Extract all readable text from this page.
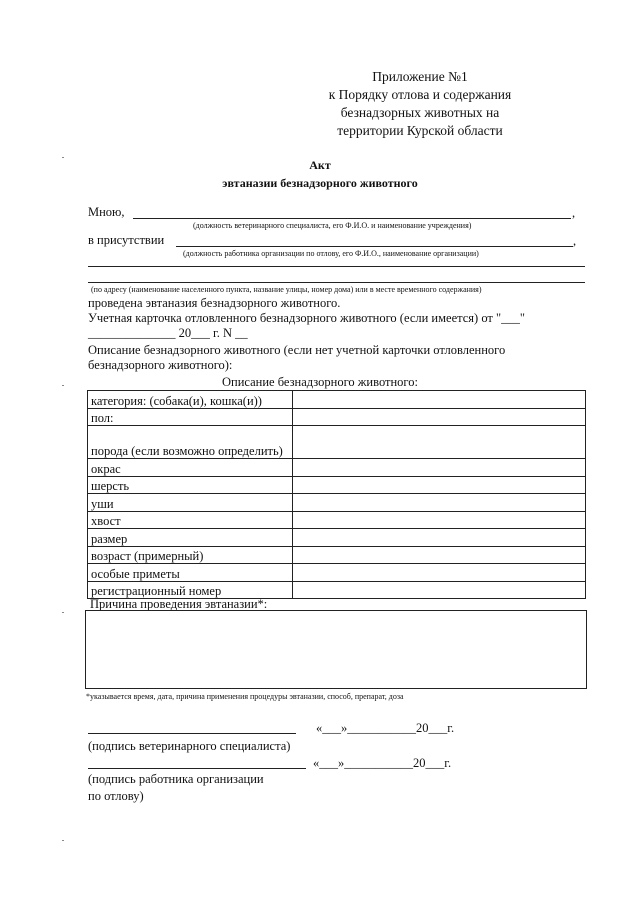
Приложение №1
к Порядку отлова и содержания
безнадзорных животных на
территории Курской области
Акт
эвтаназии безнадзорного животного
Мною,	,
(должность ветеринарного специалиста, его Ф.И.О. и наименование учреждения)
в присутствии	,
(должность работника организации по отлову, его Ф.И.О., наименование организации)
(по адресу (наименование населенного пункта, название улицы, номер дома) или в месте временного содержания)
проведена эвтаназия безнадзорного животного.
Учетная карточка отловленного безнадзорного животного (если имеется) от "___"
______________ 20___ г. N __
Описание безнадзорного животного (если нет учетной карточки отловленного
безнадзорного животного):
Описание безнадзорного животного:
категория: (собака(и), кошка(и))	
пол:	
порода (если возможно определить)	
окрас	
шерсть	
уши	
хвост	
размер	
возраст (примерный)	
особые приметы	
регистрационный номер	
Причина проведения эвтаназии*:
*указывается время, дата, причина применения процедуры эвтаназии, способ, препарат, доза
«___»___________20___г.
(подпись ветеринарного специалиста)
«___»___________20___г.
(подпись работника организации
по отлову)
